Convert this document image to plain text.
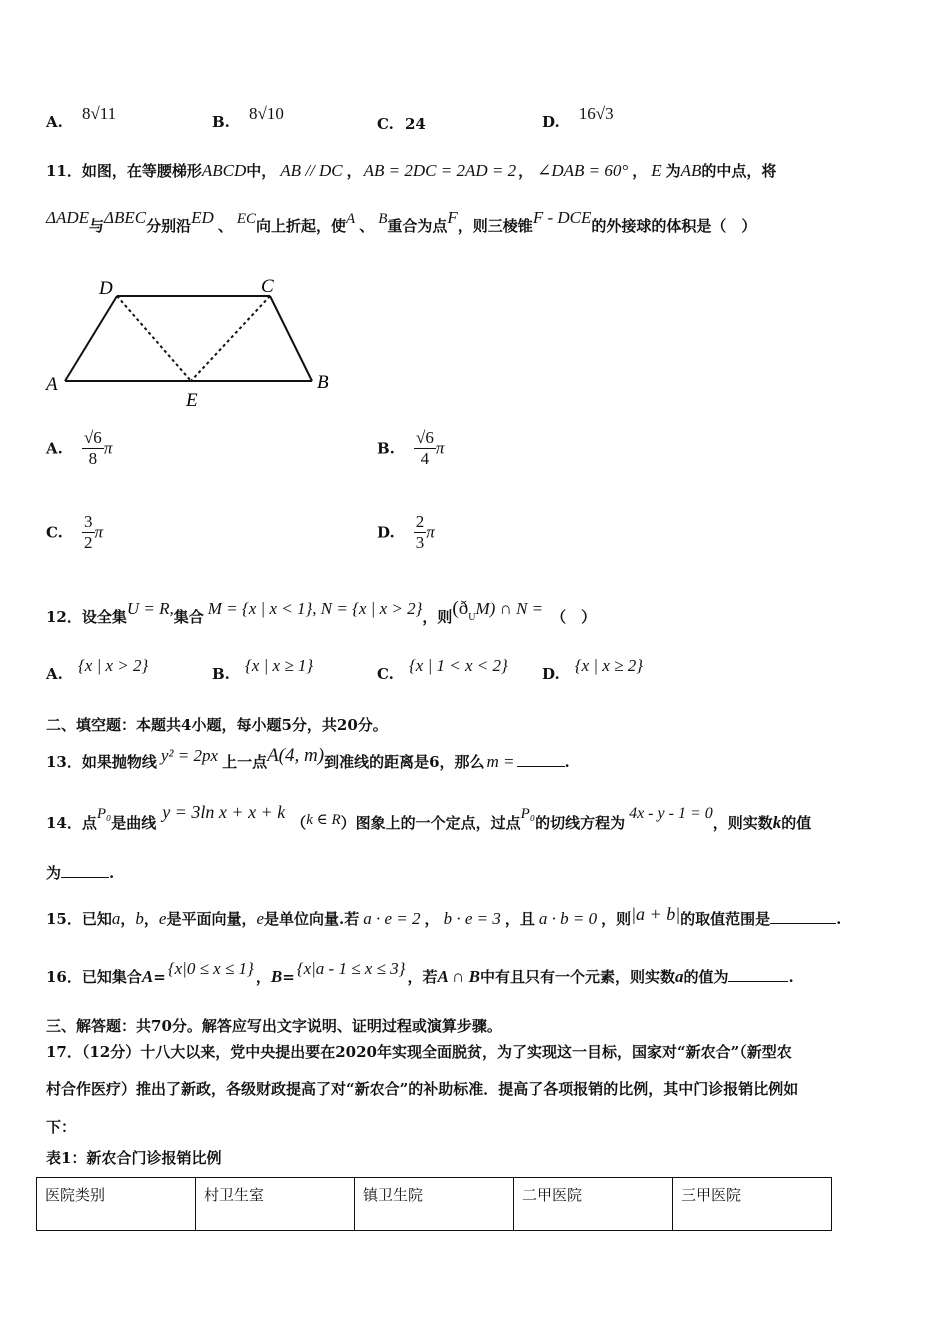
A. 8√11	B. 8√10
C. 24	D. 16√3
11．如图，在等腰梯形ABCD中， AB // DC ， AB = 2DC = 2AD = 2 ， ∠DAB = 60° ， E 为AB的中点，将
ΔADE与ΔBEC分别沿ED 、 EC向上折起，使A 、 B重合为点F，则三棱锥F - DCE的外接球的体积是（　）
D	C
A	B
E
A. $\frac{√6}{8}$ π	B. $\frac{√6}{4}$ π
C. $\frac{3}{2}$ π	D. $\frac{2}{3}$ π
12．设全集U = R,集合 M = {x | x < 1}, N = {x | x > 2}，则$(ð_UM)$ ∩ N = （　）
A. {x | x > 2}	B. {x | x ≥ 1}	C. {x | 1 < x < 2} D. {x | x ≥ 2}
二、填空题：本题共4小题，每小题5分，共20分。
13．如果抛物线 y² = 2px 上一点A(4, m)到准线的距离是6，那么 m =	.
14．点P₀是曲线y = 3ln x + x + k（k ∈ R）图象上的一个定点，过点P₀的切线方程为4x - y - 1 = 0，则实数k的值
为	.
15．已知a，b，e是平面向量，e是单位向量.若 a · e = 2 ， b · e = 3 ，且 a · b = 0 ，则|a + b|的取值范围是	.
16．已知集合A= {x|0 ≤ x ≤ 1} ，B= {x|a - 1 ≤ x ≤ 3} ，若A ∩ B中有且只有一个元素，则实数a的值为	.
三、解答题：共70分。解答应写出文字说明、证明过程或演算步骤。
17．（12分）十八大以来，党中央提出要在2020年实现全面脱贫，为了实现这一目标，国家对“新农合”（新型农
村合作医疗）推出了新政，各级财政提高了对“新农合”的补助标准．提高了各项报销的比例，其中门诊报销比例如
下：
表1：新农合门诊报销比例
医院类别	村卫生室	镇卫生院	二甲医院	三甲医院
